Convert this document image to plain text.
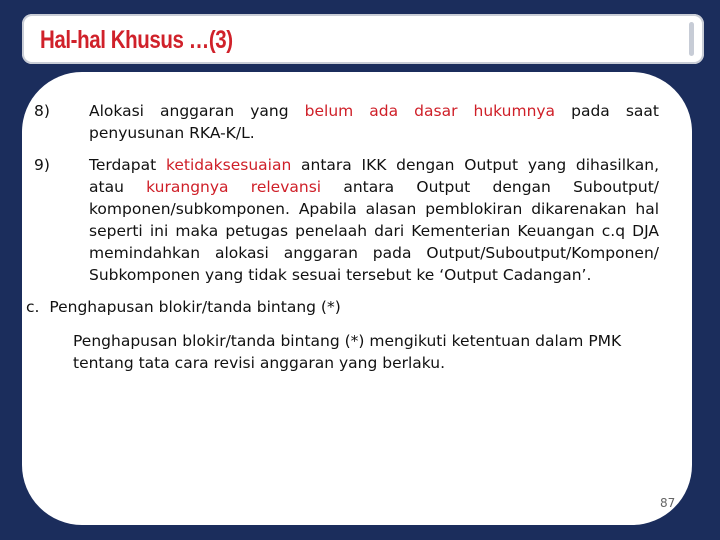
Hal-hal Khusus …(3)
8)	Alokasi anggaran yang belum ada dasar hukumnya pada saat penyusunan RKA-K/L.
9)	Terdapat ketidaksesuaian antara IKK dengan Output yang dihasilkan, atau kurangnya relevansi antara Output dengan Suboutput/ komponen/subkomponen. Apabila alasan pemblokiran dikarenakan hal seperti ini maka petugas penelaah dari Kementerian Keuangan c.q DJA memindahkan alokasi anggaran pada Output/Suboutput/Komponen/ Subkomponen yang tidak sesuai tersebut ke ‘Output Cadangan’.
c. Penghapusan blokir/tanda bintang (*)
Penghapusan blokir/tanda bintang (*) mengikuti ketentuan dalam PMK tentang tata cara revisi anggaran yang berlaku.
87
